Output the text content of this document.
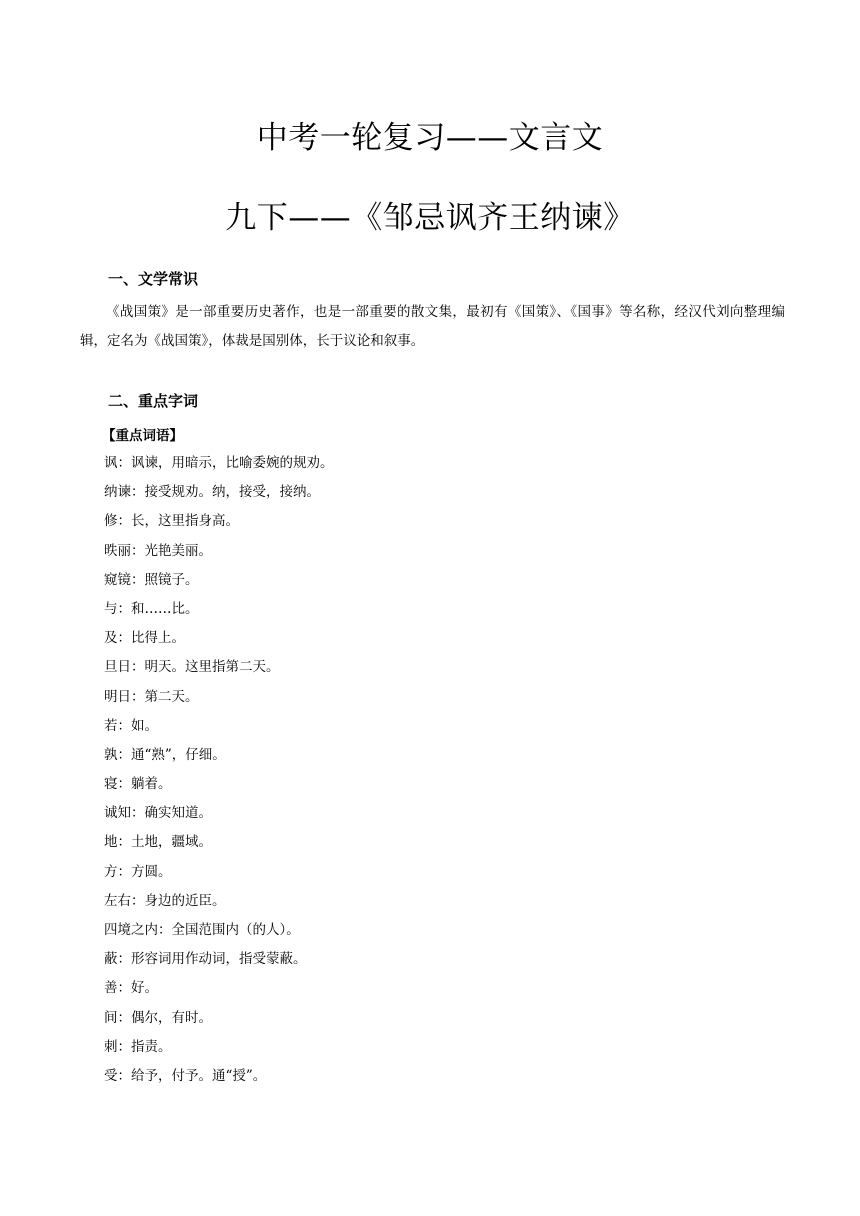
中考一轮复习——文言文
九下——《邹忌讽齐王纳谏》
一、文学常识
《战国策》是一部重要历史著作，也是一部重要的散文集，最初有《国策》、《国事》等名称，经汉代刘向整理编辑，定名为《战国策》，体裁是国别体，长于议论和叙事。
二、重点字词
【重点词语】
讽：讽谏，用暗示，比喻委婉的规劝。
纳谏：接受规劝。纳，接受，接纳。
修：长，这里指身高。
昳丽：光艳美丽。
窥镜：照镜子。
与：和……比。
及：比得上。
旦日：明天。这里指第二天。
明日：第二天。
若：如。
孰：通“熟”，仔细。
寝：躺着。
诚知：确实知道。
地：土地，疆域。
方：方圆。
左右：身边的近臣。
四境之内：全国范围内（的人）。
蔽：形容词用作动词，指受蒙蔽。
善：好。
间：偶尔，有时。
刺：指责。
受：给予，付予。通“授”。
